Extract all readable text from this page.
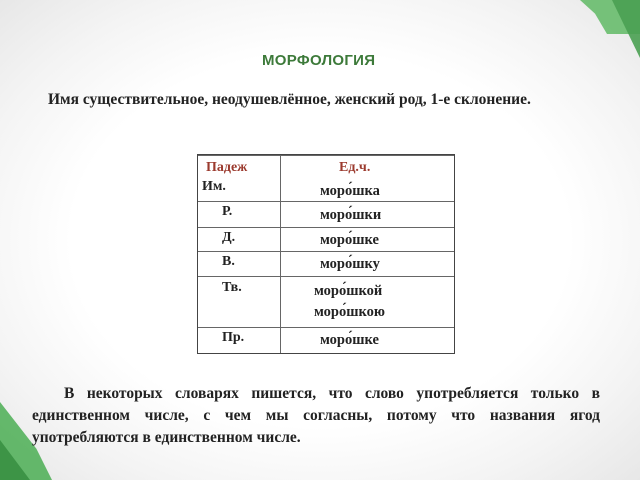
МОРФОЛОГИЯ
Имя существительное, неодушевлённое, женский род, 1-е склонение.
Падеж	Ед.ч.
Им.	моро́шка
Р.	моро́шки
Д.	моро́шке
В.	моро́шку
Тв.	моро́шкой
моро́шкою
Пр.	моро́шке
В некоторых словарях пишется, что слово употребляется только в единственном числе, с чем мы согласны, потому что названия ягод употребляются в единственном числе.
